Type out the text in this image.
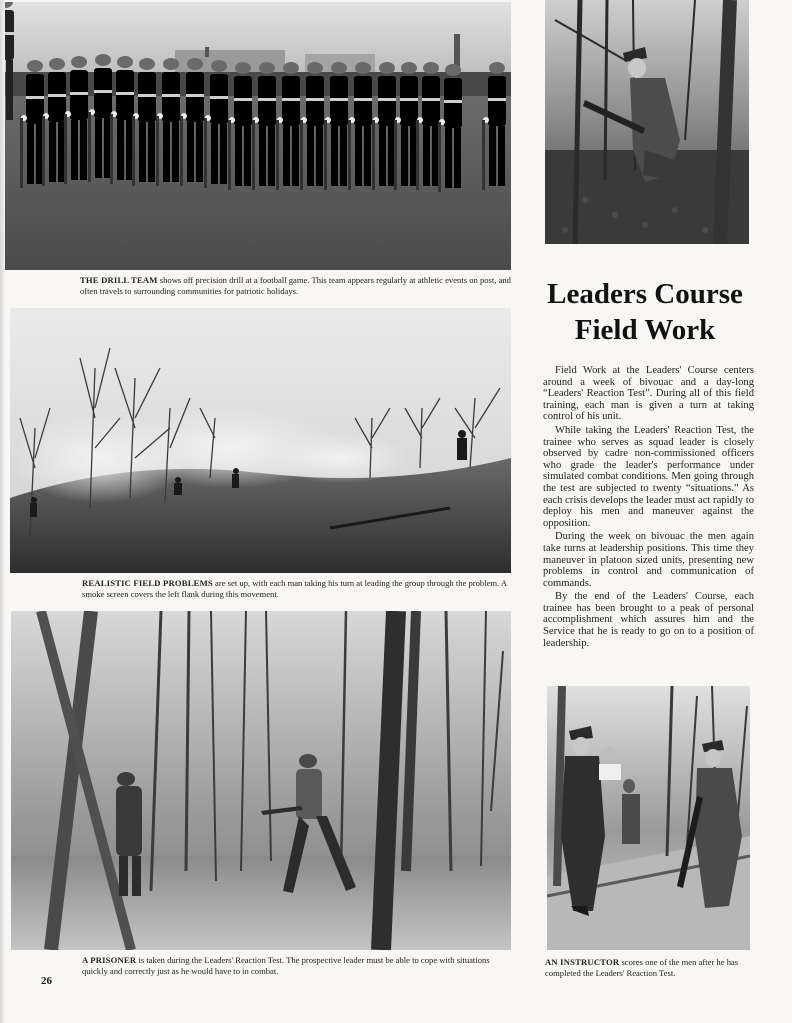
THE DRILL TEAM shows off precision drill at a football game. This team appears regularly at athletic events on post, and often travels to surrounding communities for patriotic holidays.
REALISTIC FIELD PROBLEMS are set up, with each man taking his turn at leading the group through the problem. A smoke screen covers the left flank during this movement.
A PRISONER is taken during the Leaders' Reaction Test. The prospective leader must be able to cope with situations quickly and correctly just as he would have to in combat.
AN INSTRUCTOR scores one of the men after he has completed the Leaders' Reaction Test.
Leaders Course
Field Work

Field Work at the Leaders' Course centers around a week of bivouac and a day-long “Leaders' Reaction Test”. During all of this field training, each man is given a turn at taking control of his unit.

While taking the Leaders' Reaction Test, the trainee who serves as squad leader is closely observed by cadre non-commissioned officers who grade the leader's performance under simulated combat conditions. Men going through the test are subjected to twenty “situations.” As each crisis develops the leader must act rapidly to deploy his men and maneuver against the opposition.

During the week on bivouac the men again take turns at leadership positions. This time they maneuver in platoon sized units, presenting new problems in control and communication of commands.

By the end of the Leaders' Course, each trainee has been brought to a peak of personal accomplishment which assures him and the Service that he is ready to go on to a position of leadership.

26
